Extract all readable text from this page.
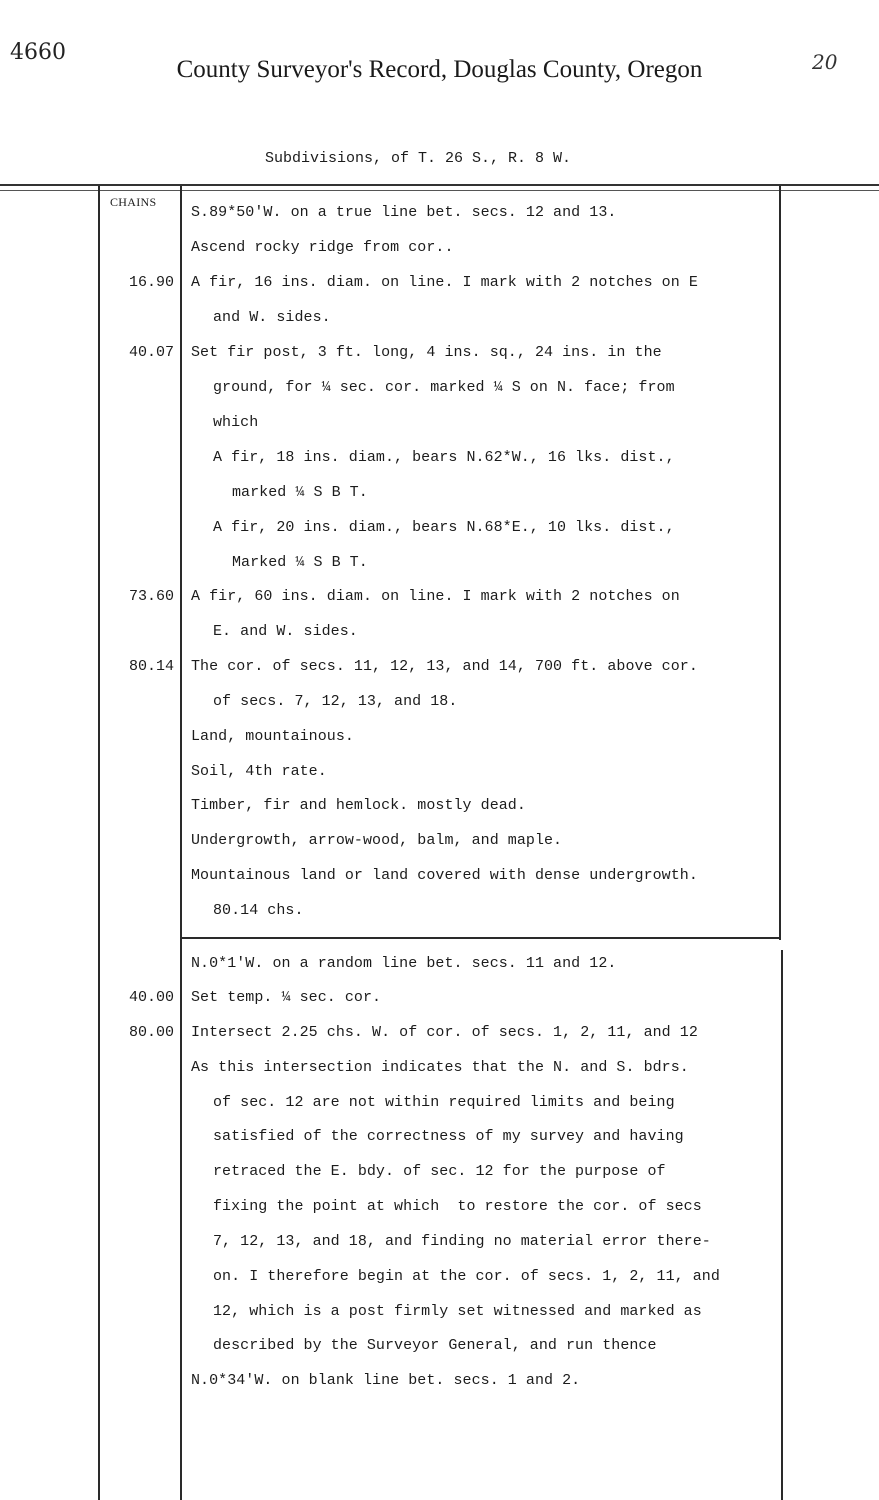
4660
County Surveyor's Record, Douglas County, Oregon	20
Subdivisions, of T. 26 S., R. 8 W.
CHAINS
16.90
40.07
73.60
80.14
40.00
80.00
S.89*50'W. on a true line bet. secs. 12 and 13.
Ascend rocky ridge from cor..
A fir, 16 ins. diam. on line. I mark with 2 notches on E
and W. sides.
Set fir post, 3 ft. long, 4 ins. sq., 24 ins. in the
ground, for ¼ sec. cor. marked ¼ S on N. face; from
which
A fir, 18 ins. diam., bears N.62*W., 16 lks. dist.,
marked ¼ S B T.
A fir, 20 ins. diam., bears N.68*E., 10 lks. dist.,
Marked ¼ S B T.
A fir, 60 ins. diam. on line. I mark with 2 notches on
E. and W. sides.
The cor. of secs. 11, 12, 13, and 14, 700 ft. above cor.
of secs. 7, 12, 13, and 18.
Land, mountainous.
Soil, 4th rate.
Timber, fir and hemlock. mostly dead.
Undergrowth, arrow-wood, balm, and maple.
Mountainous land or land covered with dense undergrowth.
80.14 chs.
N.0*1'W. on a random line bet. secs. 11 and 12.
Set temp. ¼ sec. cor.
Intersect 2.25 chs. W. of cor. of secs. 1, 2, 11, and 12
As this intersection indicates that the N. and S. bdrs.
of sec. 12 are not within required limits and being
satisfied of the correctness of my survey and having
retraced the E. bdy. of sec. 12 for the purpose of
fixing the point at which  to restore the cor. of secs
7, 12, 13, and 18, and finding no material error there-
on. I therefore begin at the cor. of secs. 1, 2, 11, and
12, which is a post firmly set witnessed and marked as
described by the Surveyor General, and run thence
N.0*34'W. on blank line bet. secs. 1 and 2.
